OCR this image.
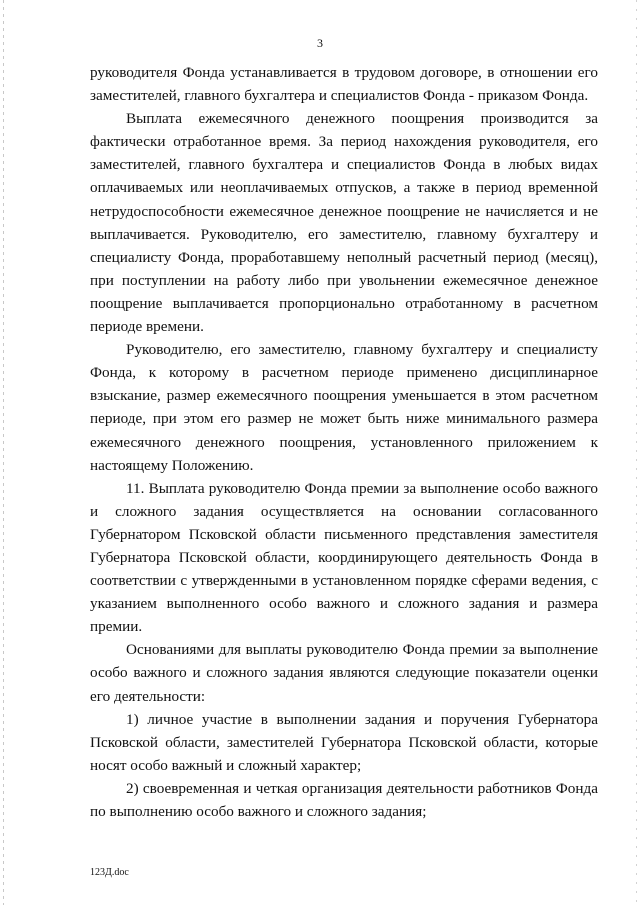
3

руководителя Фонда устанавливается в трудовом договоре, в отношении его заместителей, главного бухгалтера и специалистов Фонда - приказом Фонда.

Выплата ежемесячного денежного поощрения производится за фактически отработанное время. За период нахождения руководителя, его заместителей, главного бухгалтера и специалистов Фонда в любых видах оплачиваемых или неоплачиваемых отпусков, а также в период временной нетрудоспособности ежемесячное денежное поощрение не начисляется и не выплачивается. Руководителю, его заместителю, главному бухгалтеру и специалисту Фонда, проработавшему неполный расчетный период (месяц), при поступлении на работу либо при увольнении ежемесячное денежное поощрение выплачивается пропорционально отработанному в расчетном периоде времени.

Руководителю, его заместителю, главному бухгалтеру и специалисту Фонда, к которому в расчетном периоде применено дисциплинарное взыскание, размер ежемесячного поощрения уменьшается в этом расчетном периоде, при этом его размер не может быть ниже минимального размера ежемесячного денежного поощрения, установленного приложением к настоящему Положению.

11. Выплата руководителю Фонда премии за выполнение особо важного и сложного задания осуществляется на основании согласованного Губернатором Псковской области письменного представления заместителя Губернатора Псковской области, координирующего деятельность Фонда в соответствии с утвержденными в установленном порядке сферами ведения, с указанием выполненного особо важного и сложного задания и размера премии.

Основаниями для выплаты руководителю Фонда премии за выполнение особо важного и сложного задания являются следующие показатели оценки его деятельности:

1) личное участие в выполнении задания и поручения Губернатора Псковской области, заместителей Губернатора Псковской области, которые носят особо важный и сложный характер;

2) своевременная и четкая организация деятельности работников Фонда по выполнению особо важного и сложного задания;

123Д.doc
